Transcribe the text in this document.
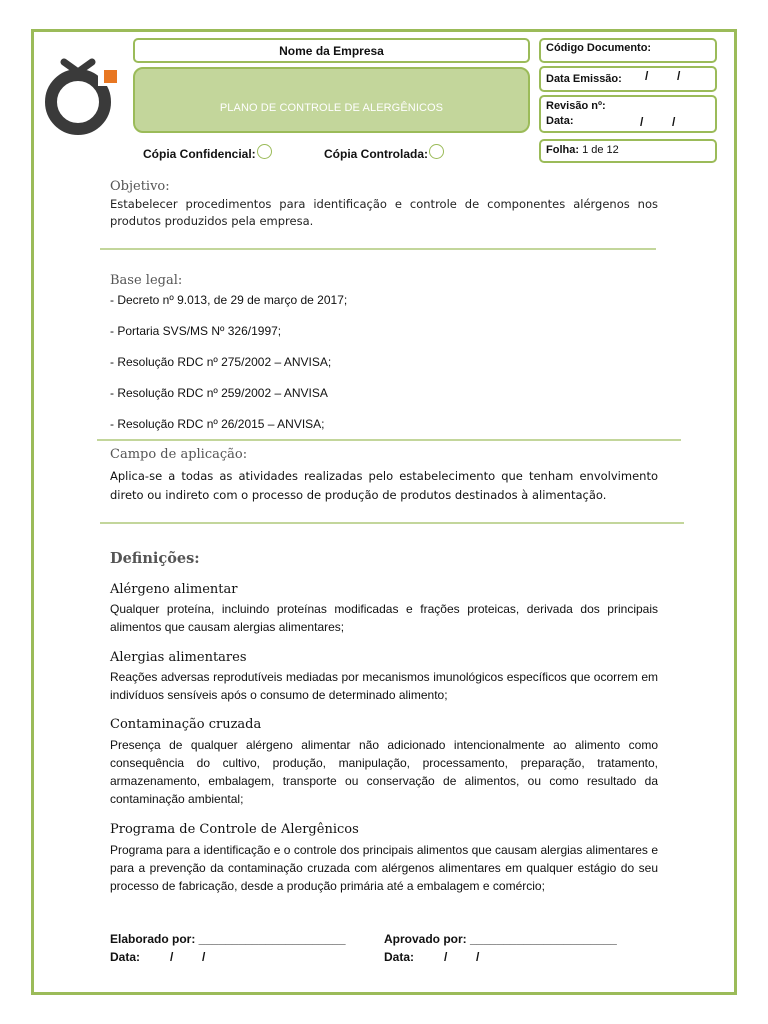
Nome da Empresa
PLANO DE CONTROLE DE ALERGÊNICOS
Cópia Confidencial:	Cópia Controlada:
Código Documento:
Data Emissão:	/ /
Revisão nº:
Data:	/ /
Folha: 1 de 12
Objetivo:
Estabelecer procedimentos para identificação e controle de componentes alérgenos nos produtos produzidos pela empresa.
Base legal:
- Decreto nº 9.013, de 29 de março de 2017;
- Portaria SVS/MS Nº 326/1997;
- Resolução RDC nº 275/2002 – ANVISA;
- Resolução RDC nº 259/2002 – ANVISA
- Resolução RDC nº 26/2015 – ANVISA;
Campo de aplicação:
Aplica-se a todas as atividades realizadas pelo estabelecimento que tenham envolvimento direto ou indireto com o processo de produção de produtos destinados à alimentação.
Definições:
Alérgeno alimentar
Qualquer proteína, incluindo proteínas modificadas e frações proteicas, derivada dos principais alimentos que causam alergias alimentares;
Alergias alimentares
Reações adversas reprodutíveis mediadas por mecanismos imunológicos específicos que ocorrem em indivíduos sensíveis após o consumo de determinado alimento;
Contaminação cruzada
Presença de qualquer alérgeno alimentar não adicionado intencionalmente ao alimento como consequência do cultivo, produção, manipulação, processamento, preparação, tratamento, armazenamento, embalagem, transporte ou conservação de alimentos, ou como resultado da contaminação ambiental;
Programa de Controle de Alergênicos
Programa para a identificação e o controle dos principais alimentos que causam alergias alimentares e para a prevenção da contaminação cruzada com alérgenos alimentares em qualquer estágio do seu processo de fabricação, desde a produção primária até a embalagem e comércio;
Elaborado por: ______________________
Data: / /
Aprovado por: ______________________
Data: / /
